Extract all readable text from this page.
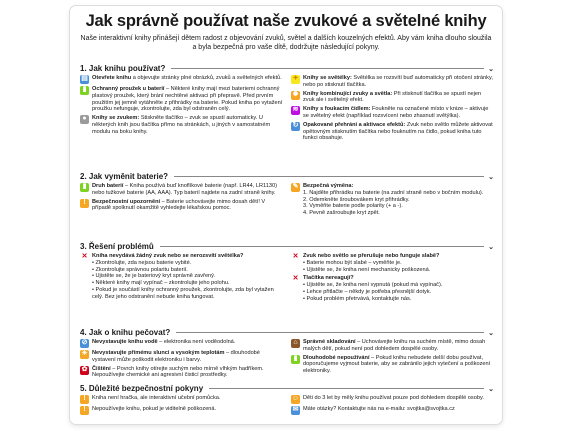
Jak správně používat naše zvukové a světelné knihy
Naše interaktivní knihy přinášejí dětem radost z objevování zvuků, světel a dalších kouzelných efektů. Aby vám kniha dlouho sloužila a byla bezpečná pro vaše dítě, dodržujte následující pokyny.
1. Jak knihu používat?	⌄
▤ Otevřete knihu a objevujte stránky plné obrázků, zvuků a světelných efektů.
▮ Ochranný proužek u baterií – Některé knihy mají mezi bateriemi ochranný plastový proužek, který brání nechtěné aktivaci při přepravě. Před prvním použitím jej jemně vytáhněte z přihrádky na baterie. Pokud kniha po vytažení proužku nefunguje, zkontrolujte, zda byl odstraněn celý.
● Knihy se zvukem: Stiskněte tlačítko – zvuk se spustí automaticky. U některých knih jsou tlačítka přímo na stránkách, u jiných v samostatném modulu na boku knihy.
✦ Knihy se světélky: Světélka se rozsvítí buď automaticky při otočení stránky, nebo po stisknutí tlačítka.
✹ Knihy kombinující zvuky a světla: Při stisknutí tlačítka se spustí nejen zvuk ale i světelný efekt.
≋ Knihy s foukacím čidlem: Foukněte na označené místo v knize – aktivuje se světelný efekt (například rozsvícení nebo zhasnutí světýlka).
↻ Opakované přehrání a aktivace efektů: Zvuk nebo světlo můžete aktivovat opětovným stisknutím tlačítka nebo fouknutím na čidlo, pokud kniha tuto funkci obsahuje.
2. Jak vyměnit baterie?	⌄
▮ Druh baterií – Kniha používá buď knoflíkové baterie (např. LR44, LR1130) nebo tužkové baterie (AA, AAA). Typ baterií najdete na zadní straně knihy.
!	Bezpečnostní upozornění – Baterie uchovávejte mimo dosah dětí! V případě spolknutí okamžitě vyhledejte lékařskou pomoc.
✎ Bezpečná výměna:
1. Najděte přihrádku na baterie (na zadní straně nebo v bočním modulu).
2. Odemkněte šroubovákem kryt přihrádky.
3. Vyměňte baterie podle polarity (+ a -).
4. Pevně zašroubujte kryt zpět.
3. Řešení problémů	⌄
✕ Kniha nevydává žádný zvuk nebo se nerozsvítí světélka?
• Zkontrolujte, zda nejsou baterie vybité.
• Zkontrolujte správnou polaritu baterií.
• Ujistěte se, že je bateriový kryt správně zavřený.
• Některé knihy mají vypínač – zkontrolujte jeho polohu.
• Pokud je součástí knihy ochranný proužek, zkontrolujte, zda byl vytažen celý. Bez jeho odstranění nebude kniha fungovat.
✕ Zvuk nebo světlo se přerušuje nebo funguje slabě?
• Baterie mohou být slabé – vyměňte je.
• Ujistěte se, že kniha není mechanicky poškozená.
✕ Tlačítka nereagují?
• Ujistěte se, že kniha není vypnutá (pokud má vypínač).
• Lehce přitlačte – někdy je potřeba přesnější dotyk.
• Pokud problém přetrvává, kontaktujte nás.
4. Jak o knihu pečovat?	⌄
⊘ Nevystavujte knihu vodě – elektronika není voděodolná.
☀ Nevystavujte přímému slunci a vysokým teplotám – dlouhodobé vystavení může poškodit elektroniku i barvy.
✿ Čištění – Povrch knihy otírejte suchým nebo mírně vlhkým hadříkem. Nepoužívejte chemické ani agresivní čisticí prostředky.
⌂ Správné skladování – Uchovávejte knihu na suchém místě, mimo dosah malých dětí, pokud není pod dohledem dospělé osoby.
▮ Dlouhodobé nepoužívání – Pokud knihu nebudete delší dobu používat, doporučujeme vyjmout baterie, aby se zabránilo jejich vytečení a poškození elektroniky.
5. Důležité bezpečnostní pokyny	⌄
!	Kniha není hračka, ale interaktivní učební pomůcka.
!	Nepoužívejte knihu, pokud je viditelně poškozená.
☺ Děti do 3 let by měly knihu používat pouze pod dohledem dospělé osoby.
✉ Máte otázky? Kontaktujte nás na e-mailu: svojtka@svojtka.cz
